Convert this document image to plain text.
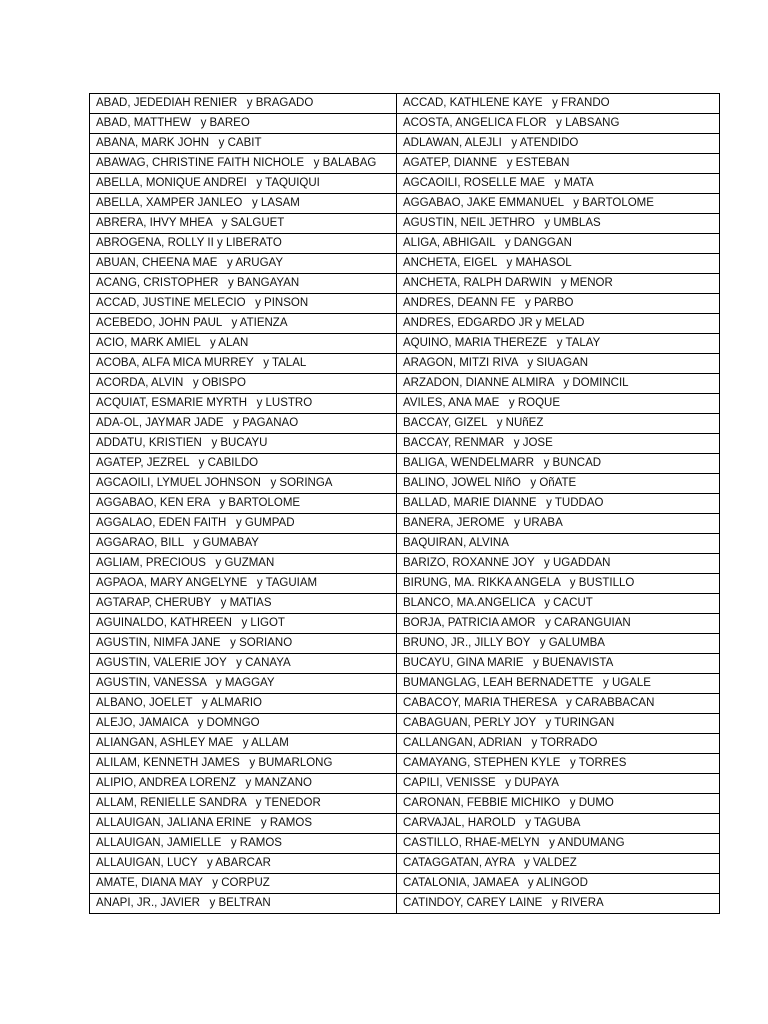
ABAD, JEDEDIAH RENIER   y BRAGADO	ACCAD, KATHLENE KAYE   y FRANDO
ABAD, MATTHEW   y BAREO	ACOSTA, ANGELICA FLOR   y LABSANG
ABANA, MARK JOHN   y CABIT	ADLAWAN, ALEJLI   y ATENDIDO
ABAWAG, CHRISTINE FAITH NICHOLE   y BALABAG	AGATEP, DIANNE   y ESTEBAN
ABELLA, MONIQUE ANDREI   y TAQUIQUI	AGCAOILI, ROSELLE MAE   y MATA
ABELLA, XAMPER JANLEO   y LASAM	AGGABAO, JAKE EMMANUEL   y BARTOLOME
ABRERA, IHVY MHEA   y SALGUET	AGUSTIN, NEIL JETHRO   y UMBLAS
ABROGENA, ROLLY II y LIBERATO	ALIGA, ABHIGAIL   y DANGGAN
ABUAN, CHEENA MAE   y ARUGAY	ANCHETA, EIGEL   y MAHASOL
ACANG, CRISTOPHER   y BANGAYAN	ANCHETA, RALPH DARWIN   y MENOR
ACCAD, JUSTINE MELECIO   y PINSON	ANDRES, DEANN FE   y PARBO
ACEBEDO, JOHN PAUL   y ATIENZA	ANDRES, EDGARDO JR y MELAD
ACIO, MARK AMIEL   y ALAN	AQUINO, MARIA THEREZE   y TALAY
ACOBA, ALFA MICA MURREY   y TALAL	ARAGON, MITZI RIVA   y SIUAGAN
ACORDA, ALVIN   y OBISPO	ARZADON, DIANNE ALMIRA   y DOMINCIL
ACQUIAT, ESMARIE MYRTH   y LUSTRO	AVILES, ANA MAE   y ROQUE
ADA-OL, JAYMAR JADE   y PAGANAO	BACCAY, GIZEL   y NUñEZ
ADDATU, KRISTIEN   y BUCAYU	BACCAY, RENMAR   y JOSE
AGATEP, JEZREL   y CABILDO	BALIGA, WENDELMARR   y BUNCAD
AGCAOILI, LYMUEL JOHNSON   y SORINGA	BALINO, JOWEL NIñO   y OñATE
AGGABAO, KEN ERA   y BARTOLOME	BALLAD, MARIE DIANNE   y TUDDAO
AGGALAO, EDEN FAITH   y GUMPAD	BANERA, JEROME   y URABA
AGGARAO, BILL   y GUMABAY	BAQUIRAN, ALVINA
AGLIAM, PRECIOUS   y GUZMAN	BARIZO, ROXANNE JOY   y UGADDAN
AGPAOA, MARY ANGELYNE   y TAGUIAM	BIRUNG, MA. RIKKA ANGELA   y BUSTILLO
AGTARAP, CHERUBY   y MATIAS	BLANCO, MA.ANGELICA   y CACUT
AGUINALDO, KATHREEN   y LIGOT	BORJA, PATRICIA AMOR   y CARANGUIAN
AGUSTIN, NIMFA JANE   y SORIANO	BRUNO, JR., JILLY BOY   y GALUMBA
AGUSTIN, VALERIE JOY   y CANAYA	BUCAYU, GINA MARIE   y BUENAVISTA
AGUSTIN, VANESSA   y MAGGAY	BUMANGLAG, LEAH BERNADETTE   y UGALE
ALBANO, JOELET   y ALMARIO	CABACOY, MARIA THERESA   y CARABBACAN
ALEJO, JAMAICA   y DOMNGO	CABAGUAN, PERLY JOY   y TURINGAN
ALIANGAN, ASHLEY MAE   y ALLAM	CALLANGAN, ADRIAN   y TORRADO
ALILAM, KENNETH JAMES   y BUMARLONG	CAMAYANG, STEPHEN KYLE   y TORRES
ALIPIO, ANDREA LORENZ   y MANZANO	CAPILI, VENISSE   y DUPAYA
ALLAM, RENIELLE SANDRA   y TENEDOR	CARONAN, FEBBIE MICHIKO   y DUMO
ALLAUIGAN, JALIANA ERINE   y RAMOS	CARVAJAL, HAROLD   y TAGUBA
ALLAUIGAN, JAMIELLE   y RAMOS	CASTILLO, RHAE-MELYN   y ANDUMANG
ALLAUIGAN, LUCY   y ABARCAR	CATAGGATAN, AYRA   y VALDEZ
AMATE, DIANA MAY   y CORPUZ	CATALONIA, JAMAEA   y ALINGOD
ANAPI, JR., JAVIER   y BELTRAN	CATINDOY, CAREY LAINE   y RIVERA
